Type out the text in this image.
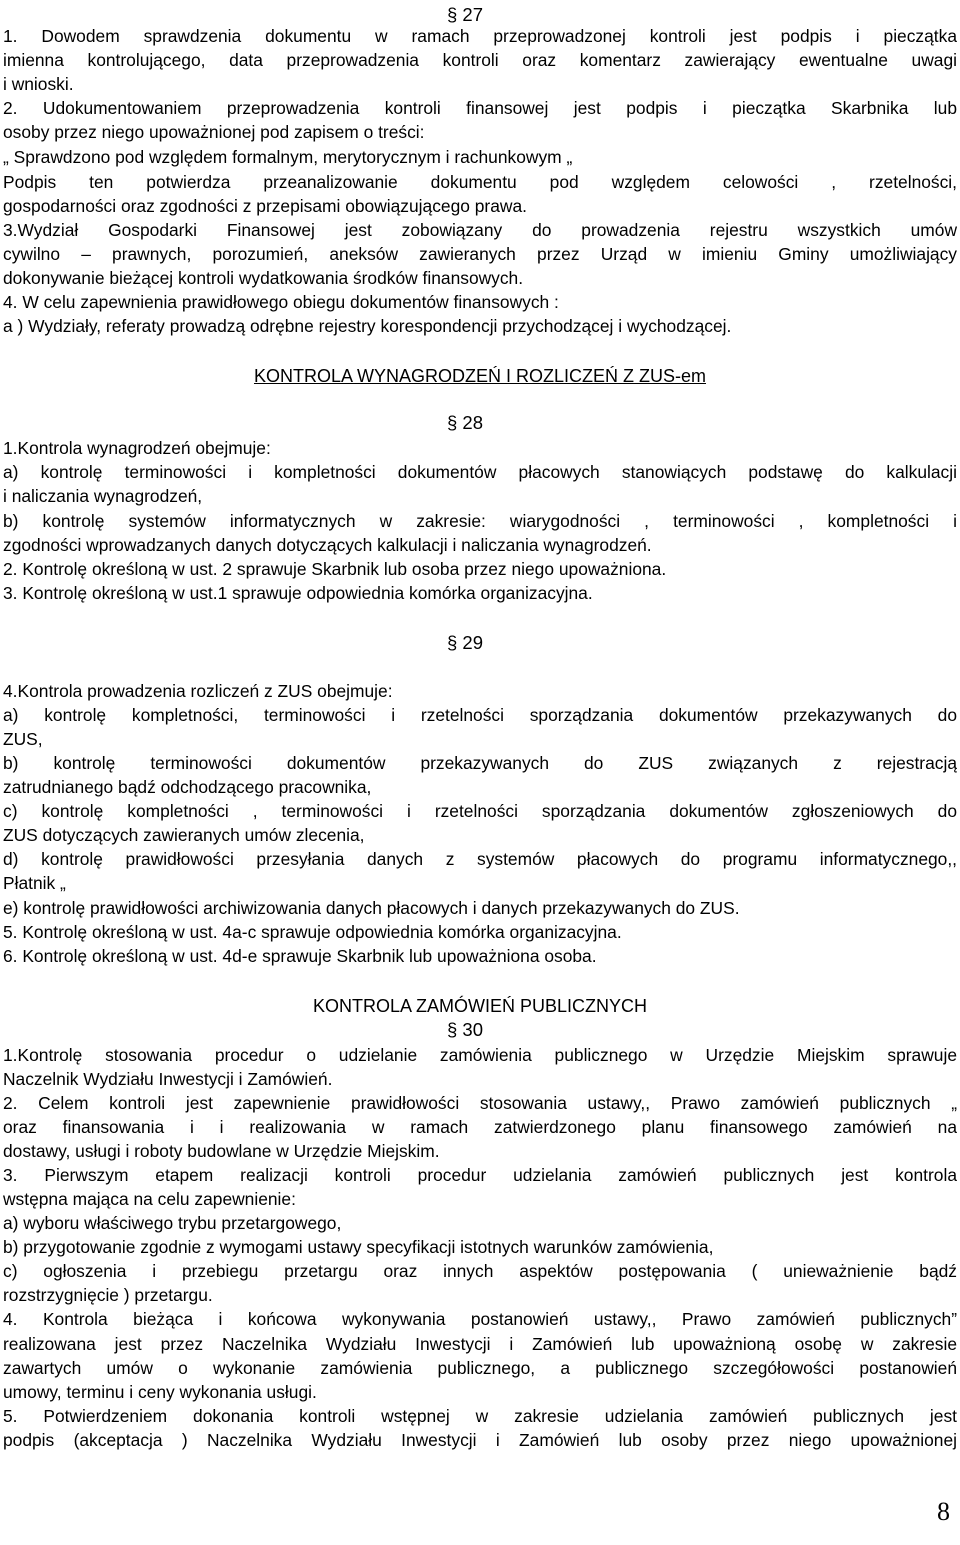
§ 27
1. Dowodem sprawdzenia dokumentu w ramach przeprowadzonej kontroli jest podpis i pieczątka
imienna kontrolującego, data przeprowadzenia kontroli oraz komentarz zawierający ewentualne uwagi
i wnioski.
2. Udokumentowaniem przeprowadzenia kontroli finansowej jest podpis i pieczątka Skarbnika lub
osoby przez niego upoważnionej pod zapisem o treści:
„ Sprawdzono pod względem formalnym, merytorycznym i rachunkowym „
Podpis ten potwierdza przeanalizowanie dokumentu pod względem celowości , rzetelności,
gospodarności oraz zgodności z przepisami obowiązującego prawa.
3.Wydział Gospodarki Finansowej jest zobowiązany do prowadzenia rejestru wszystkich umów
cywilno – prawnych, porozumień, aneksów zawieranych przez Urząd w imieniu Gminy umożliwiający
dokonywanie bieżącej kontroli wydatkowania środków finansowych.
4. W celu zapewnienia prawidłowego obiegu dokumentów finansowych :
a ) Wydziały, referaty prowadzą odrębne rejestry korespondencji przychodzącej i wychodzącej.
KONTROLA WYNAGRODZEŃ I ROZLICZEŃ Z ZUS-em
§ 28
1.Kontrola wynagrodzeń obejmuje:
a) kontrolę terminowości i kompletności dokumentów płacowych stanowiących podstawę do kalkulacji
i naliczania wynagrodzeń,
b) kontrolę systemów informatycznych w zakresie: wiarygodności , terminowości , kompletności i
zgodności wprowadzanych danych dotyczących kalkulacji i naliczania wynagrodzeń.
2. Kontrolę określoną w ust. 2 sprawuje Skarbnik lub osoba przez niego upoważniona.
3. Kontrolę określoną w ust.1 sprawuje odpowiednia komórka organizacyjna.
§ 29
4.Kontrola prowadzenia rozliczeń z ZUS obejmuje:
a) kontrolę kompletności, terminowości i rzetelności sporządzania dokumentów przekazywanych do
ZUS,
b) kontrolę terminowości dokumentów przekazywanych do ZUS związanych z rejestracją
zatrudnianego bądź odchodzącego pracownika,
c) kontrolę kompletności , terminowości i rzetelności sporządzania dokumentów zgłoszeniowych do
ZUS dotyczących zawieranych umów zlecenia,
d) kontrolę prawidłowości przesyłania danych z systemów płacowych do programu informatycznego,,
Płatnik „
e) kontrolę prawidłowości archiwizowania danych płacowych i danych przekazywanych do ZUS.
5. Kontrolę określoną w ust. 4a-c sprawuje odpowiednia komórka organizacyjna.
6. Kontrolę określoną w ust. 4d-e sprawuje Skarbnik lub upoważniona osoba.
KONTROLA ZAMÓWIEŃ PUBLICZNYCH
§ 30
1.Kontrolę stosowania procedur o udzielanie zamówienia publicznego w Urzędzie Miejskim sprawuje
Naczelnik Wydziału Inwestycji i Zamówień.
2. Celem kontroli jest zapewnienie prawidłowości stosowania ustawy,, Prawo zamówień publicznych „
oraz finansowania i i realizowania w ramach zatwierdzonego planu finansowego zamówień na
dostawy, usługi i roboty budowlane w Urzędzie Miejskim.
3. Pierwszym etapem realizacji kontroli procedur udzielania zamówień publicznych jest kontrola
wstępna mająca na celu zapewnienie:
a) wyboru właściwego trybu przetargowego,
b) przygotowanie zgodnie z wymogami ustawy specyfikacji istotnych warunków zamówienia,
c) ogłoszenia i przebiegu przetargu oraz innych aspektów postępowania ( unieważnienie bądź
rozstrzygnięcie ) przetargu.
4. Kontrola bieżąca i końcowa wykonywania postanowień ustawy,, Prawo zamówień publicznych”
realizowana jest przez Naczelnika Wydziału Inwestycji i Zamówień lub upoważnioną osobę w zakresie
zawartych umów o wykonanie zamówienia publicznego, a publicznego szczegółowości postanowień
umowy, terminu i ceny wykonania usługi.
5. Potwierdzeniem dokonania kontroli wstępnej w zakresie udzielania zamówień publicznych jest
podpis (akceptacja ) Naczelnika Wydziału Inwestycji i Zamówień lub osoby przez niego upoważnionej
8
